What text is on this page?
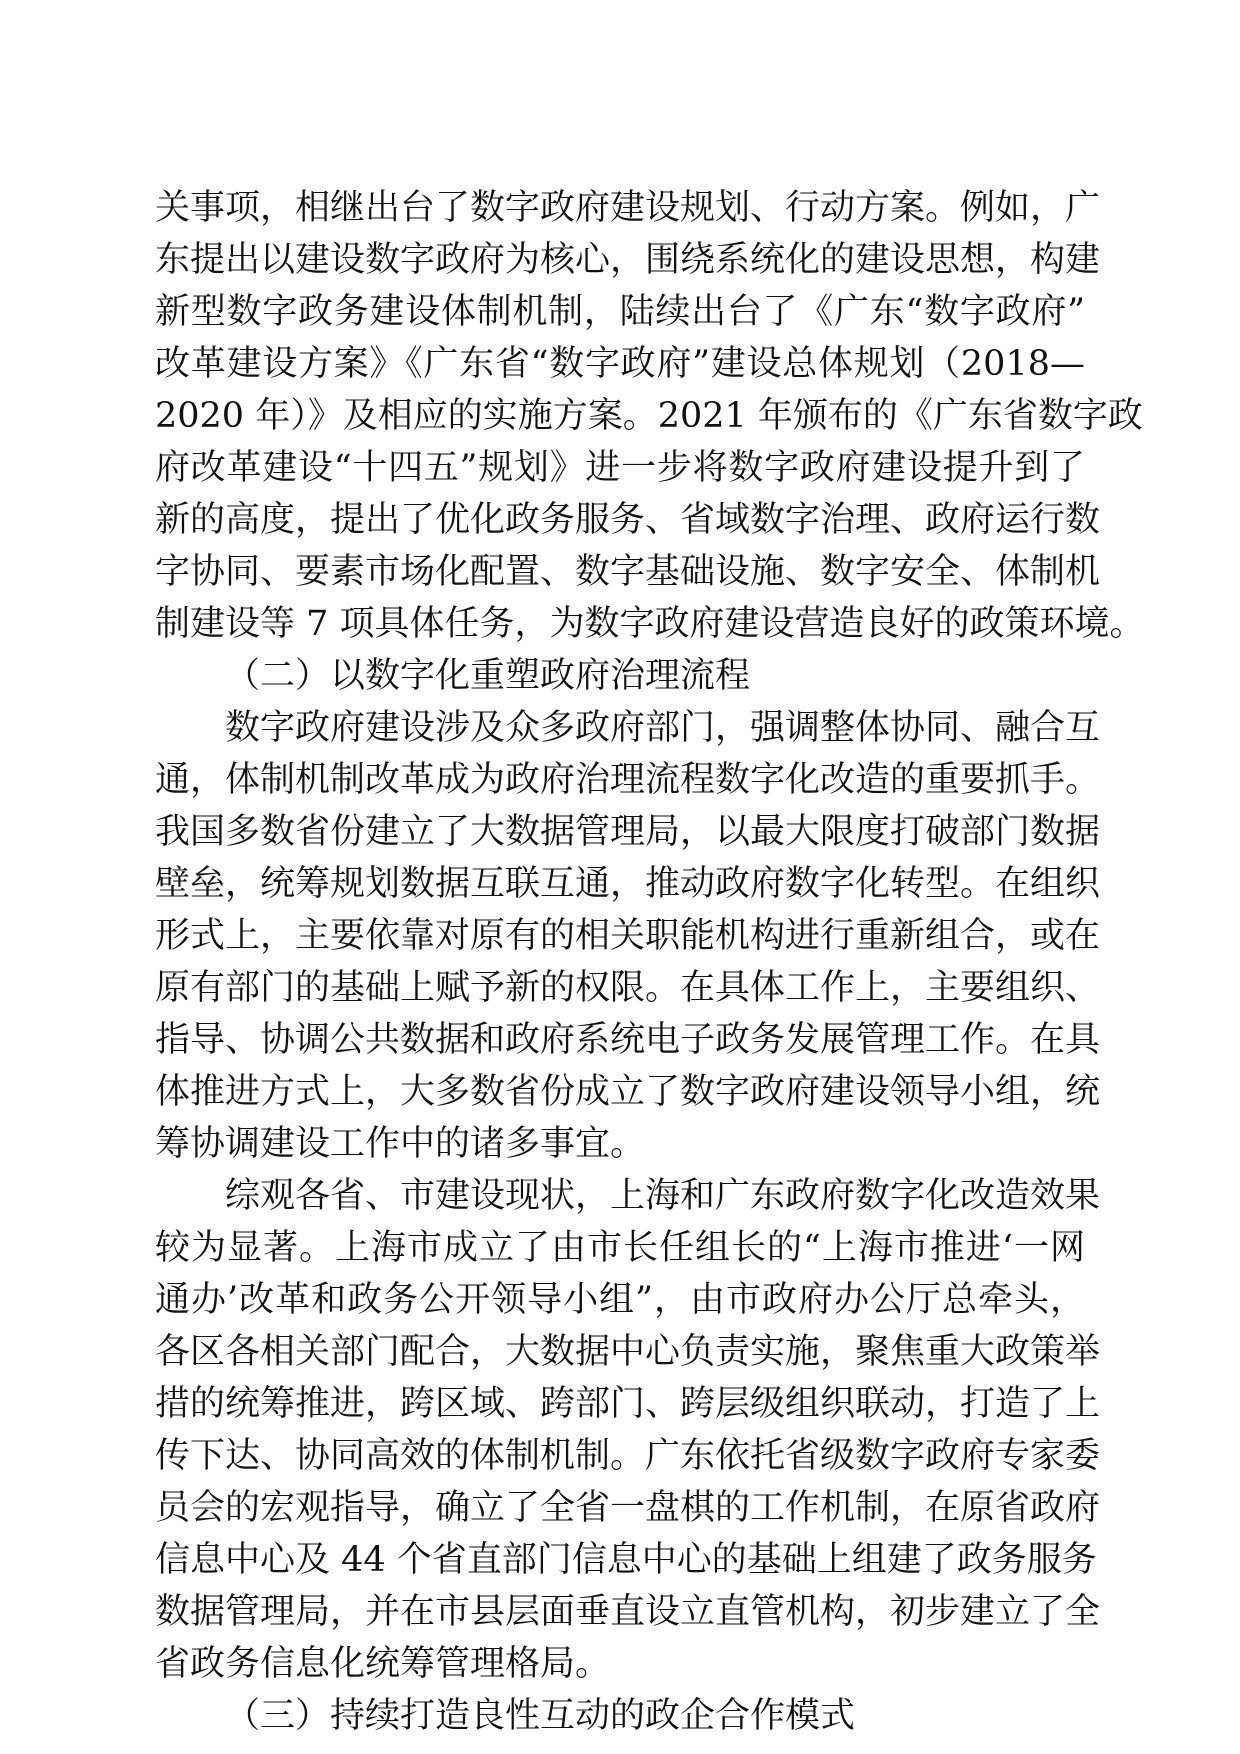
关事项，相继出台了数字政府建设规划、行动方案。例如，广
东提出以建设数字政府为核心，围绕系统化的建设思想，构建
新型数字政务建设体制机制，陆续出台了《广东“数字政府”
改革建设方案》《广东省“数字政府”建设总体规划（2018—
2020 年）》及相应的实施方案。2021 年颁布的《广东省数字政
府改革建设“十四五”规划》进一步将数字政府建设提升到了
新的高度，提出了优化政务服务、省域数字治理、政府运行数
字协同、要素市场化配置、数字基础设施、数字安全、体制机
制建设等 7 项具体任务，为数字政府建设营造良好的政策环境。
（二）以数字化重塑政府治理流程
数字政府建设涉及众多政府部门，强调整体协同、融合互
通，体制机制改革成为政府治理流程数字化改造的重要抓手。
我国多数省份建立了大数据管理局，以最大限度打破部门数据
壁垒，统筹规划数据互联互通，推动政府数字化转型。在组织
形式上，主要依靠对原有的相关职能机构进行重新组合，或在
原有部门的基础上赋予新的权限。在具体工作上，主要组织、
指导、协调公共数据和政府系统电子政务发展管理工作。在具
体推进方式上，大多数省份成立了数字政府建设领导小组，统
筹协调建设工作中的诸多事宜。
综观各省、市建设现状，上海和广东政府数字化改造效果
较为显著。上海市成立了由市长任组长的“上海市推进‘一网
通办’改革和政务公开领导小组”，由市政府办公厅总牵头，
各区各相关部门配合，大数据中心负责实施，聚焦重大政策举
措的统筹推进，跨区域、跨部门、跨层级组织联动，打造了上
传下达、协同高效的体制机制。广东依托省级数字政府专家委
员会的宏观指导，确立了全省一盘棋的工作机制，在原省政府
信息中心及 44 个省直部门信息中心的基础上组建了政务服务
数据管理局，并在市县层面垂直设立直管机构，初步建立了全
省政务信息化统筹管理格局。
（三）持续打造良性互动的政企合作模式
